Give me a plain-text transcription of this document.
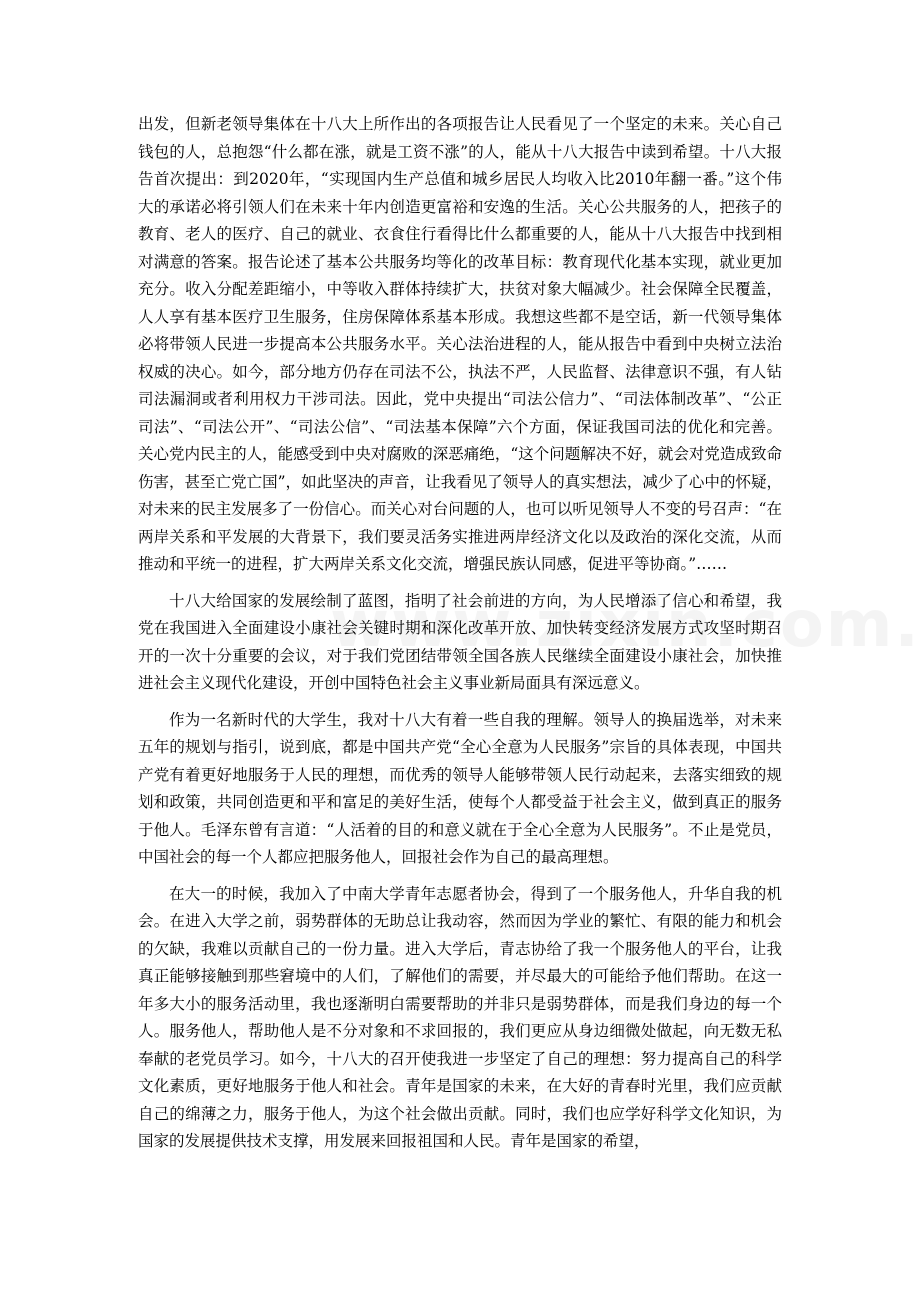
出发，但新老领导集体在十八大上所作出的各项报告让人民看见了一个坚定的未来。关心自己钱包的人，总抱怨“什么都在涨，就是工资不涨”的人，能从十八大报告中读到希望。十八大报告首次提出：到2020年，“实现国内生产总值和城乡居民人均收入比2010年翻一番。”这个伟大的承诺必将引领人们在未来十年内创造更富裕和安逸的生活。关心公共服务的人，把孩子的教育、老人的医疗、自己的就业、衣食住行看得比什么都重要的人，能从十八大报告中找到相对满意的答案。报告论述了基本公共服务均等化的改革目标：教育现代化基本实现，就业更加充分。收入分配差距缩小，中等收入群体持续扩大，扶贫对象大幅减少。社会保障全民覆盖，人人享有基本医疗卫生服务，住房保障体系基本形成。我想这些都不是空话，新一代领导集体必将带领人民进一步提高本公共服务水平。关心法治进程的人，能从报告中看到中央树立法治权威的决心。如今，部分地方仍存在司法不公，执法不严，人民监督、法律意识不强，有人钻司法漏洞或者利用权力干涉司法。因此，党中央提出“司法公信力”、“司法体制改革”、“公正司法”、“司法公开”、“司法公信”、“司法基本保障”六个方面，保证我国司法的优化和完善。关心党内民主的人，能感受到中央对腐败的深恶痛绝，“这个问题解决不好，就会对党造成致命伤害，甚至亡党亡国”，如此坚决的声音，让我看见了领导人的真实想法，减少了心中的怀疑，对未来的民主发展多了一份信心。而关心对台问题的人，也可以听见领导人不变的号召声：“在两岸关系和平发展的大背景下，我们要灵活务实推进两岸经济文化以及政治的深化交流，从而推动和平统一的进程，扩大两岸关系文化交流，增强民族认同感，促进平等协商。”……

十八大给国家的发展绘制了蓝图，指明了社会前进的方向，为人民增添了信心和希望，我党在我国进入全面建设小康社会关键时期和深化改革开放、加快转变经济发展方式攻坚时期召开的一次十分重要的会议，对于我们党团结带领全国各族人民继续全面建设小康社会，加快推进社会主义现代化建设，开创中国特色社会主义事业新局面具有深远意义。

作为一名新时代的大学生，我对十八大有着一些自我的理解。领导人的换届选举，对未来五年的规划与指引，说到底，都是中国共产党“全心全意为人民服务”宗旨的具体表现，中国共产党有着更好地服务于人民的理想，而优秀的领导人能够带领人民行动起来，去落实细致的规划和政策，共同创造更和平和富足的美好生活，使每个人都受益于社会主义，做到真正的服务于他人。毛泽东曾有言道：“人活着的目的和意义就在于全心全意为人民服务”。不止是党员，中国社会的每一个人都应把服务他人，回报社会作为自己的最高理想。

在大一的时候，我加入了中南大学青年志愿者协会，得到了一个服务他人，升华自我的机会。在进入大学之前，弱势群体的无助总让我动容，然而因为学业的繁忙、有限的能力和机会的欠缺，我难以贡献自己的一份力量。进入大学后，青志协给了我一个服务他人的平台，让我真正能够接触到那些窘境中的人们，了解他们的需要，并尽最大的可能给予他们帮助。在这一年多大小的服务活动里，我也逐渐明白需要帮助的并非只是弱势群体，而是我们身边的每一个人。服务他人，帮助他人是不分对象和不求回报的，我们更应从身边细微处做起，向无数无私奉献的老党员学习。如今，十八大的召开使我进一步坚定了自己的理想：努力提高自己的科学文化素质，更好地服务于他人和社会。青年是国家的未来，在大好的青春时光里，我们应贡献自己的绵薄之力，服务于他人，为这个社会做出贡献。同时，我们也应学好科学文化知识，为国家的发展提供技术支撑，用发展来回报祖国和人民。青年是国家的希望，
